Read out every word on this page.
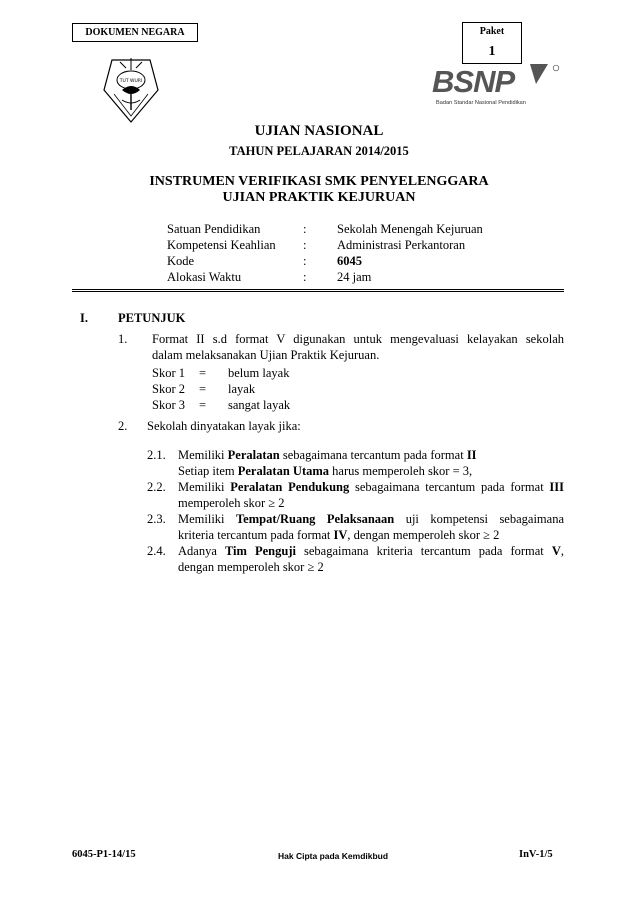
DOKUMEN NEGARA	Paket
1
TUT WURI	BSNP
Badan Standar Nasional Pendidikan
UJIAN NASIONAL
TAHUN PELAJARAN 2014/2015
INSTRUMEN VERIFIKASI SMK PENYELENGGARA
UJIAN PRAKTIK KEJURUAN
Satuan Pendidikan	:	Sekolah Menengah Kejuruan
Kompetensi Keahlian	:	Administrasi Perkantoran
Kode	:	6045
Alokasi Waktu	:	24 jam
I. PETUNJUK
1. Format II s.d format V digunakan untuk mengevaluasi kelayakan sekolah
dalam melaksanakan Ujian Praktik Kejuruan.
Skor 1	=	belum layak
Skor 2	=	layak
Skor 3	=	sangat layak
2. Sekolah dinyatakan layak jika:
2.1. Memiliki Peralatan sebagaimana tercantum pada format II
Setiap item Peralatan Utama harus memperoleh skor = 3,
2.2. Memiliki Peralatan Pendukung sebagaimana tercantum pada format III
memperoleh skor ≥ 2
2.3. Memiliki Tempat/Ruang Pelaksanaan uji kompetensi sebagaimana
kriteria tercantum pada format IV, dengan memperoleh skor ≥ 2
2.4. Adanya Tim Penguji sebagaimana kriteria tercantum pada format V,
dengan memperoleh skor ≥ 2
6045-P1-14/15	Hak Cipta pada Kemdikbud	InV-1/5
